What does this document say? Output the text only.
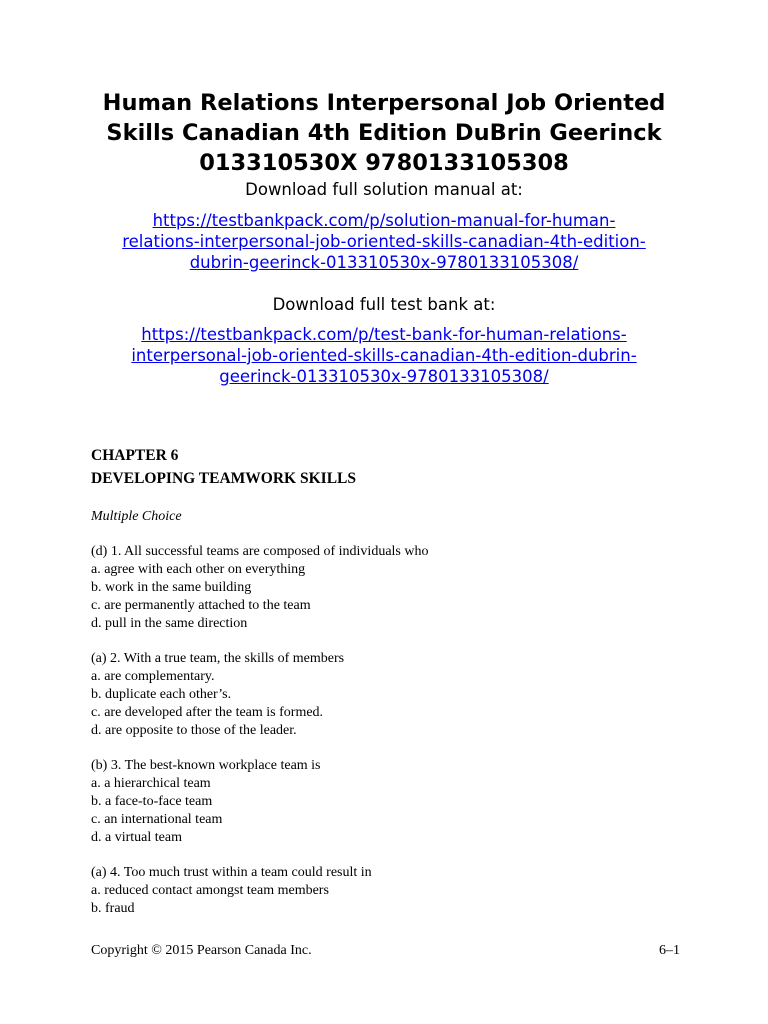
Human Relations Interpersonal Job Oriented
Skills Canadian 4th Edition DuBrin Geerinck
013310530X 9780133105308
Download full solution manual at:
https://testbankpack.com/p/solution-manual-for-human-
relations-interpersonal-job-oriented-skills-canadian-4th-edition-
dubrin-geerinck-013310530x-9780133105308/
Download full test bank at:
https://testbankpack.com/p/test-bank-for-human-relations-
interpersonal-job-oriented-skills-canadian-4th-edition-dubrin-
geerinck-013310530x-9780133105308/
CHAPTER 6
DEVELOPING TEAMWORK SKILLS
Multiple Choice
(d) 1. All successful teams are composed of individuals who
a. agree with each other on everything
b. work in the same building
c. are permanently attached to the team
d. pull in the same direction
(a) 2. With a true team, the skills of members
a. are complementary.
b. duplicate each other’s.
c. are developed after the team is formed.
d. are opposite to those of the leader.
(b) 3. The best-known workplace team is
a. a hierarchical team
b. a face-to-face team
c. an international team
d. a virtual team
(a) 4. Too much trust within a team could result in
a. reduced contact amongst team members
b. fraud
Copyright © 2015 Pearson Canada Inc.	6–1
